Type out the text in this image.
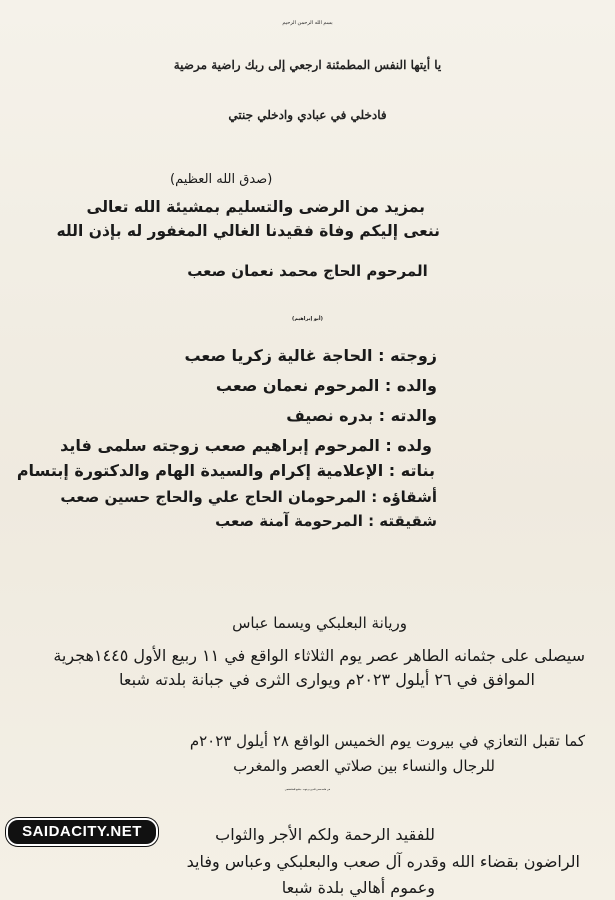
بسم الله الرحمن الرحيم
يا أيتها النفس المطمئنة ارجعي إلى ربك راضية مرضية
فادخلي في عبادي وادخلي جنتي
(صدق الله العظيم)
بمزيد من الرضى والتسليم بمشيئة الله تعالى
ننعى إليكم وفاة فقيدنا الغالي المغفور له بإذن الله
المرحوم الحاج محمد نعمان صعب
(أبو إبراهيم)
زوجته : الحاجة غالية زكريا صعب
والده : المرحوم نعمان صعب
والدته : بدره نصيف
ولده : المرحوم إبراهيم صعب زوجته سلمى فايد
بناته : الإعلامية إكرام والسيدة الهام والدكتورة إبتسام
أشقاؤه : المرحومان الحاج علي والحاج حسين صعب
شقيقته : المرحومة آمنة صعب
وريانة البعلبكي ويسما عباس
سيصلى على جثمانه الطاهر عصر يوم الثلاثاء الواقع في ١١ ربيع الأول ١٤٤٥هجرية
الموافق في ٢٦ أيلول ٢٠٢٣م ويوارى الثرى في جبانة بلدته شبعا
كما تقبل التعازي في بيروت يوم الخميس الواقع ٢٨ أيلول ٢٠٢٣م
للرجال والنساء بين صلاتي العصر والمغرب
في قاعة محي الدين برغوت - جامع الخاشقجي
للفقيد الرحمة ولكم الأجر والثواب
الراضون بقضاء الله وقدره آل صعب والبعلبكي وعباس وفايد
وعموم أهالي بلدة شبعا
SAIDACITY.NET
